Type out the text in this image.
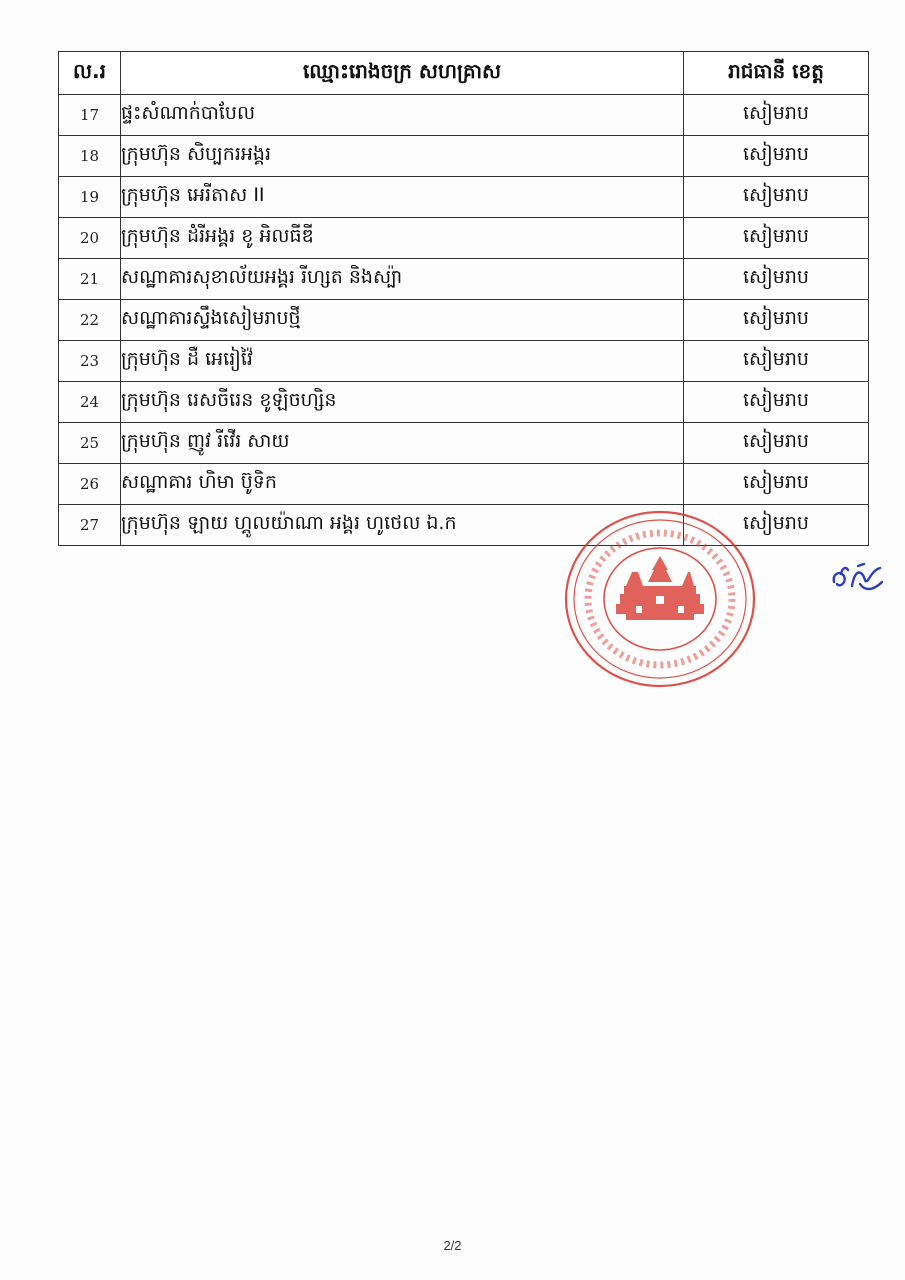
ល.រ	ឈ្មោះរោងចក្រ សហគ្រាស	រាជធានី ខេត្ត
17	ផ្ទះសំណាក់បាបែល	សៀមរាប
18	ក្រុមហ៊ុន សិប្បករអង្គរ	សៀមរាប
19	ក្រុមហ៊ុន អេរីតាស II	សៀមរាប
20	ក្រុមហ៊ុន ដំរីអង្គរ ខូ អិលធីឌី	សៀមរាប
21	សណ្ឋាគារសុខាល័យអង្គរ រីហ្សត និងស្ប៉ា	សៀមរាប
22	សណ្ឋាគារស្ទឹងសៀមរាបថ្មី	សៀមរាប
23	ក្រុមហ៊ុន ដឺ អេរៀវ៉ៃ	សៀមរាប
24	ក្រុមហ៊ុន រេសចីរេន ខូឡិចហ្សិន	សៀមរាប
25	ក្រុមហ៊ុន ញូវ រីវើរ សាយ	សៀមរាប
26	សណ្ឋាគារ ហិមា ប៊ូទិក	សៀមរាប
27	ក្រុមហ៊ុន ឡាយ ហ្គូលយ៉ាណា អង្គរ ហូថេល ឯ.ក	សៀមរាប
2/2
